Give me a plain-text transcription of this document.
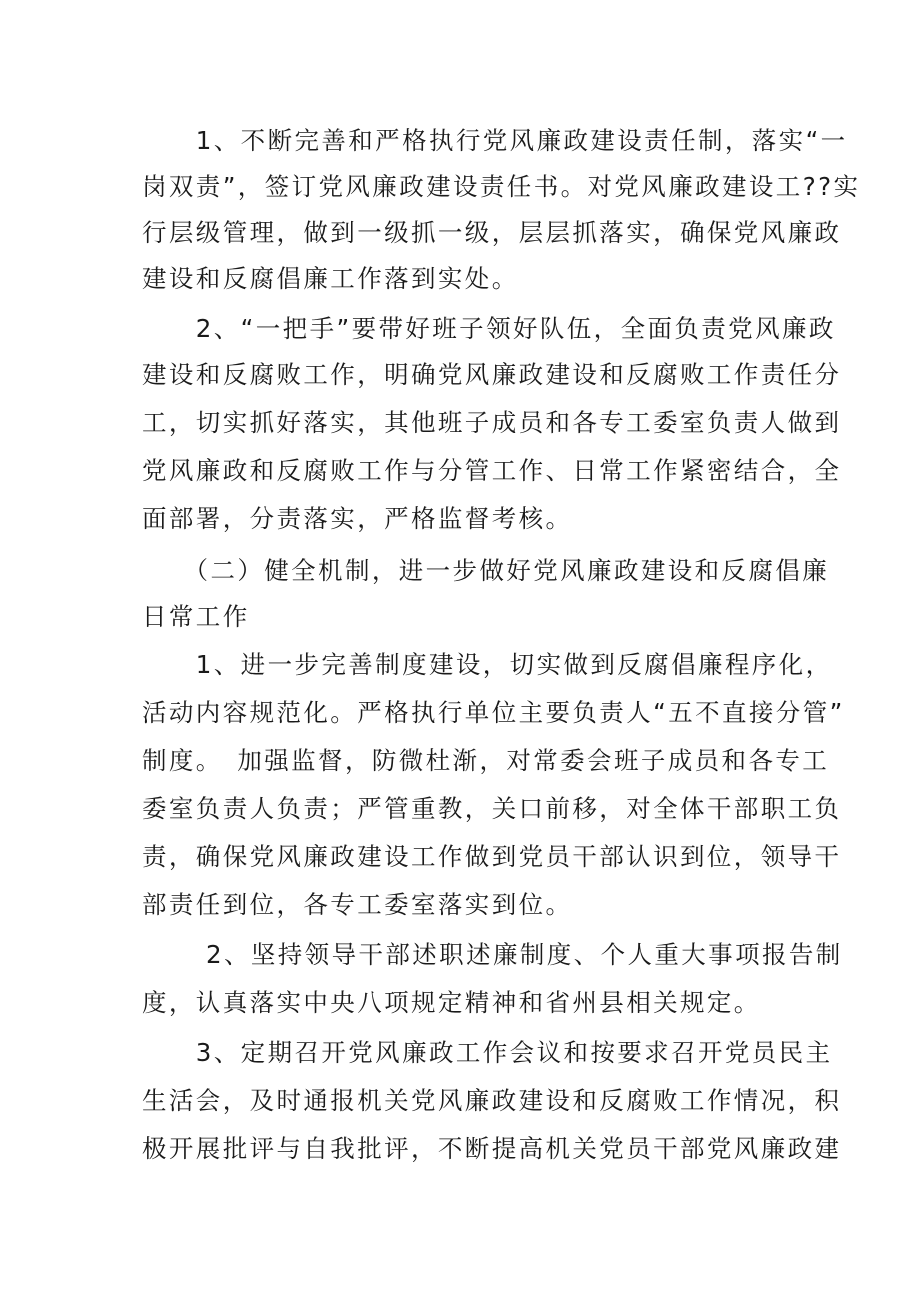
　　1、不断完善和严格执行党风廉政建设责任制，落实“一
岗双责”，签订党风廉政建设责任书。对党风廉政建设工??实
行层级管理，做到一级抓一级，层层抓落实，确保党风廉政
建设和反腐倡廉工作落到实处。
　　2、“一把手”要带好班子领好队伍，全面负责党风廉政
建设和反腐败工作，明确党风廉政建设和反腐败工作责任分
工，切实抓好落实，其他班子成员和各专工委室负责人做到
党风廉政和反腐败工作与分管工作、日常工作紧密结合，全
面部署，分责落实，严格监督考核。
　　（二）健全机制，进一步做好党风廉政建设和反腐倡廉
日常工作
　　1、进一步完善制度建设，切实做到反腐倡廉程序化，
活动内容规范化。严格执行单位主要负责人“五不直接分管”
制度。　加强监督，防微杜渐，对常委会班子成员和各专工
委室负责人负责；严管重教，关口前移，对全体干部职工负
责，确保党风廉政建设工作做到党员干部认识到位，领导干
部责任到位，各专工委室落实到位。
　　 2、坚持领导干部述职述廉制度、个人重大事项报告制
度，认真落实中央八项规定精神和省州县相关规定。
　　3、定期召开党风廉政工作会议和按要求召开党员民主
生活会，及时通报机关党风廉政建设和反腐败工作情况，积
极开展批评与自我批评，不断提高机关党员干部党风廉政建
